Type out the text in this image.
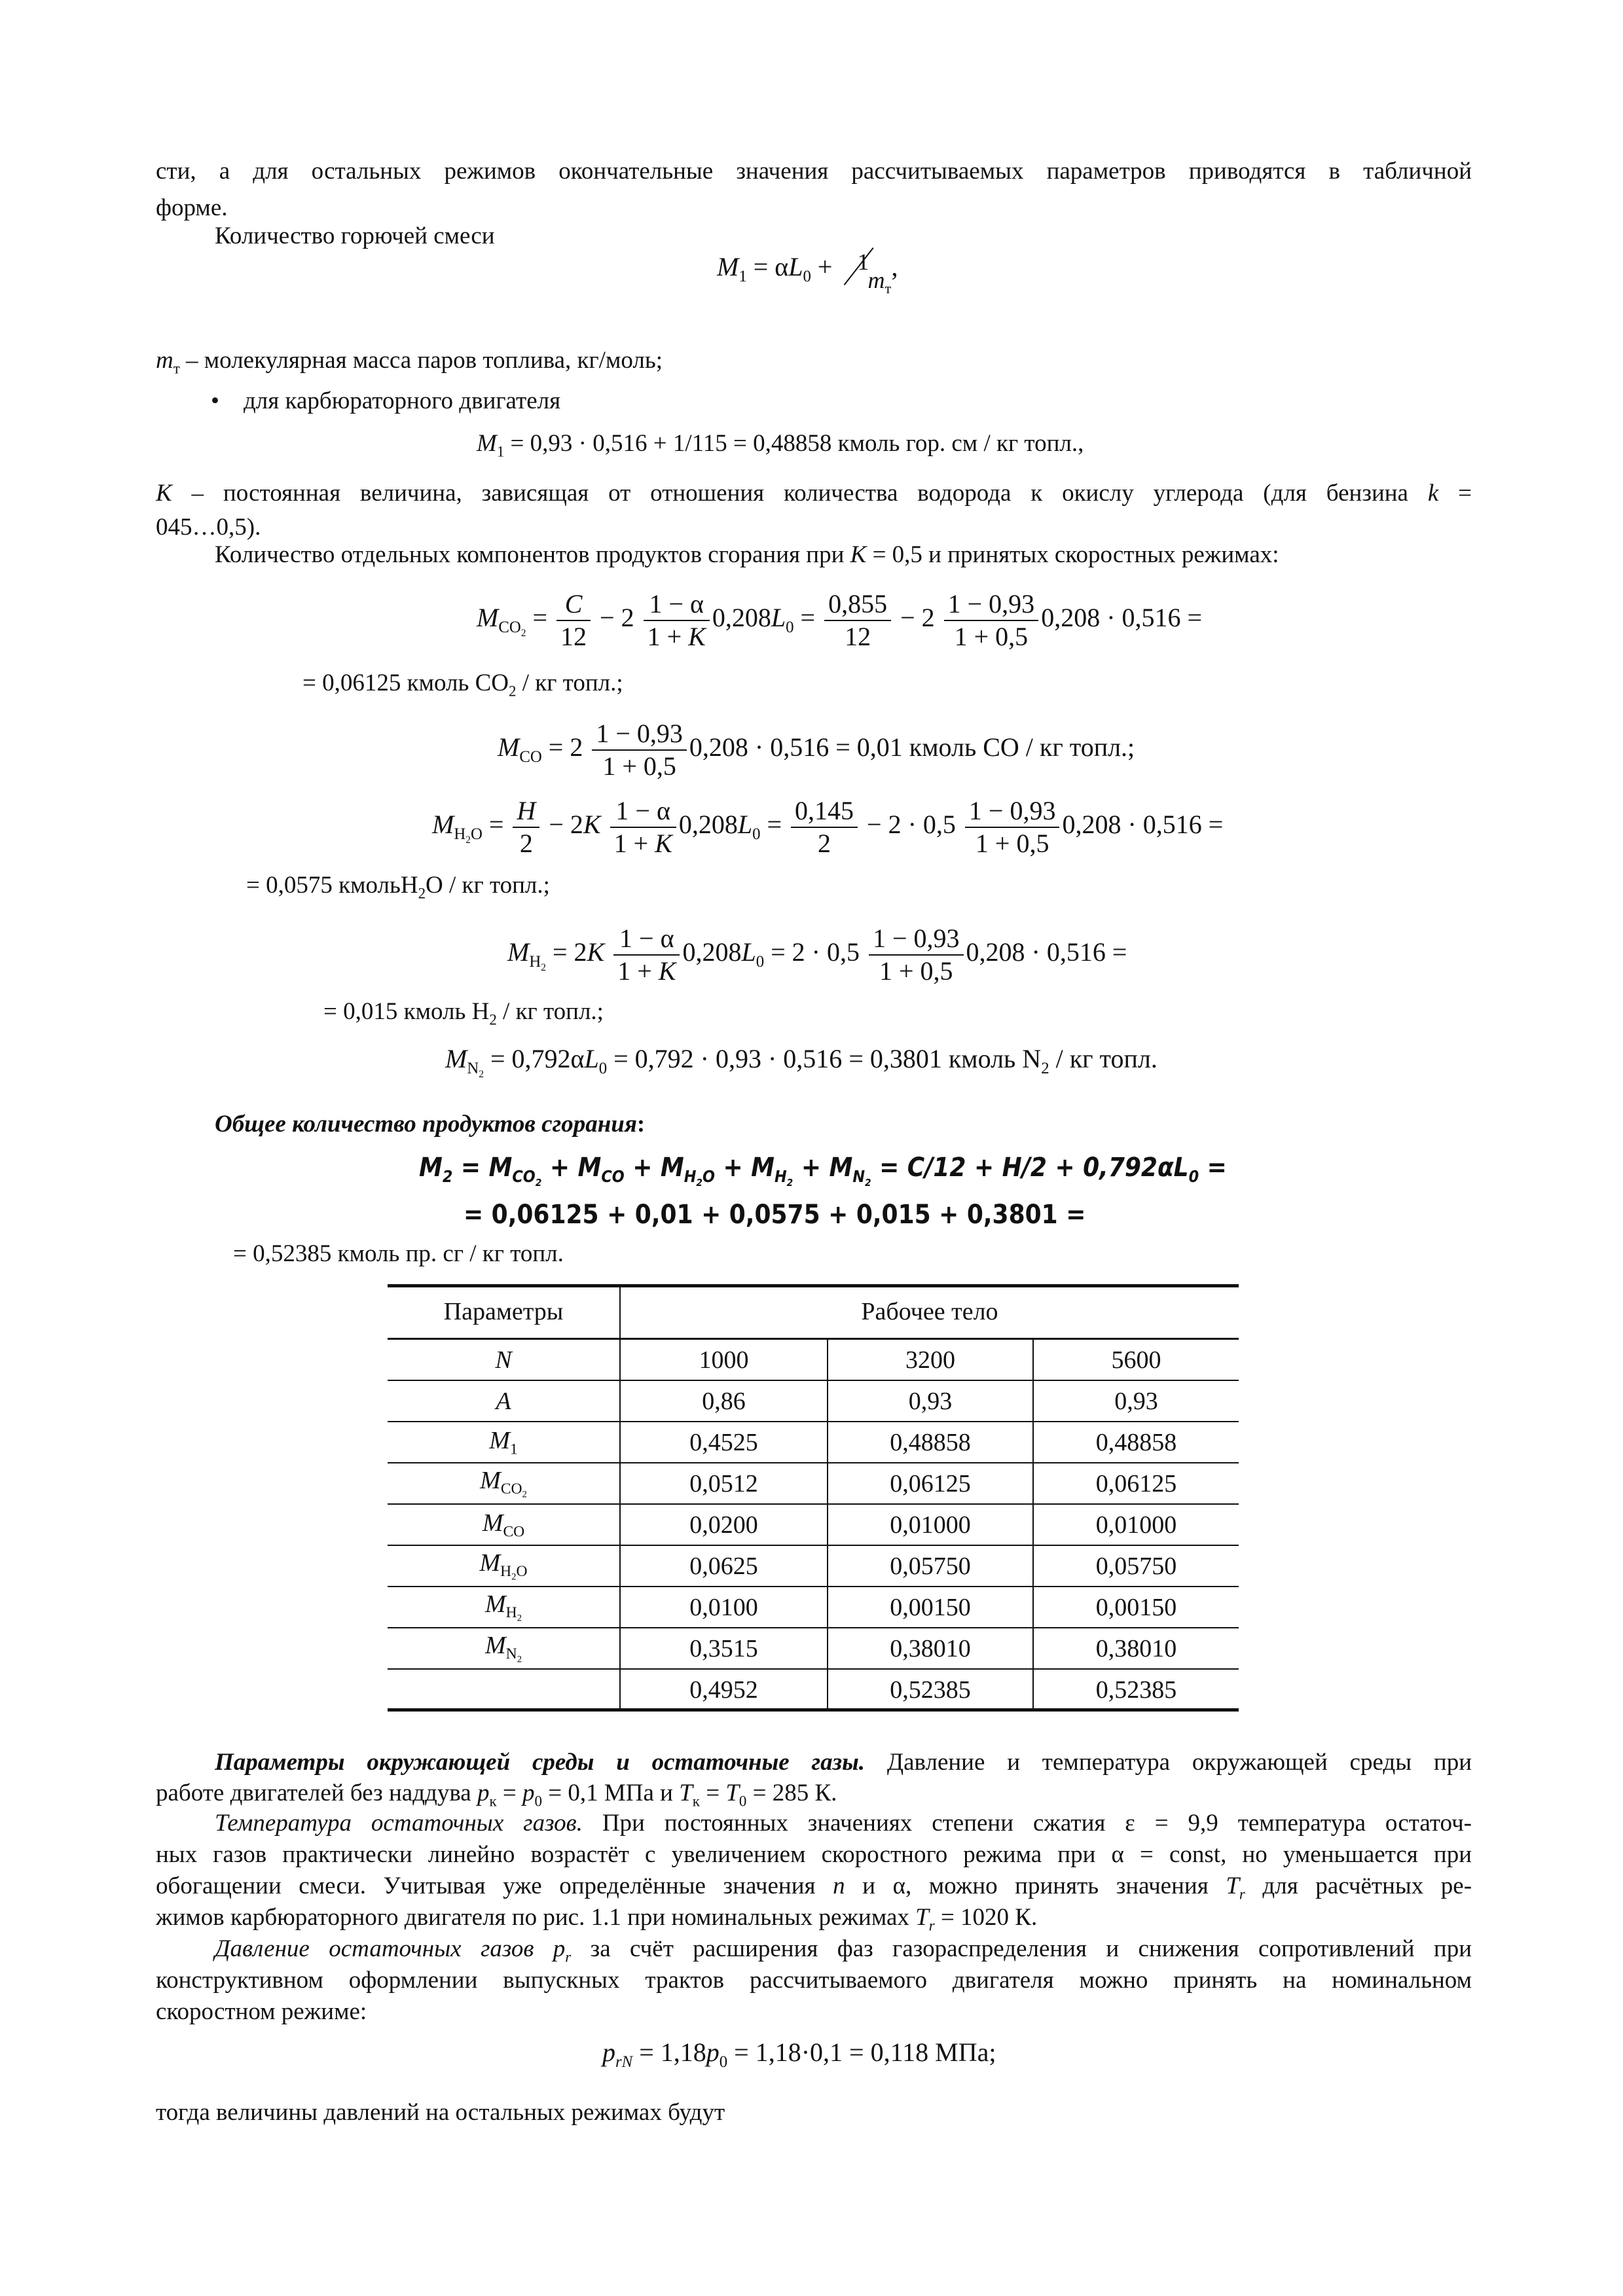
сти, а для остальных режимов окончательные значения рассчитываемых параметров приводятся в табличной
форме.
Количество горючей смеси
$M_1 = \alpha L_0 + 1$
$m_т$
,
$m_т$ – молекулярная масса паров топлива, кг/моль;
• для карбюраторного двигателя
$M_1 = 0,93 \cdot 0,516 + 1/115 = 0,48858$ кмоль гор. см / кг топл.,
K – постоянная величина, зависящая от отношения количества водорода к окислу углерода (для бензина k =
045…0,5).
Количество отдельных компонентов продуктов сгорания при K = 0,5 и принятых скоростных режимах:
$M_{CO_2} = \frac{C}{12} - 2 \frac{1 - \alpha}{1 + K} 0,208L_0 = \frac{0,855}{12} - 2 \frac{1 - 0,93}{1 + 0,5} 0,208 \cdot 0,516$ =
= 0,06125 кмоль $CO_2$ / кг топл.;
$M_{CO} = 2 \frac{1 - 0,93}{1 + 0,5} 0,208 \cdot 0,516 = 0,01$ кмоль CO / кг топл.;
$M_{H_2O} = \frac{H}{2} - 2K \frac{1 - \alpha}{1 + K} 0,208L_0 = \frac{0,145}{2} - 2 \cdot 0,5 \frac{1 - 0,93}{1 + 0,5} 0,208 \cdot 0,516$ =
= 0,0575 кмольH$_2$O / кг топл.;
$M_{H_2} = 2K \frac{1 - \alpha}{1 + K} 0,208L_0 = 2 \cdot 0,5 \frac{1 - 0,93}{1 + 0,5} 0,208 \cdot 0,516$ =
= 0,015 кмоль $H_2$ / кг топл.;
$M_{N_2} = 0,792\alpha L_0 = 0,792 \cdot 0,93 \cdot 0,516 = 0,3801$ кмоль $N_2$ / кг топл.
Общее количество продуктов сгорания:
$M_2 = M_{CO_2} + M_{CO} + M_{H_2O} + M_{H_2} + M_{N_2} = C/12 + H/2 + 0,792\alpha L_0$ =
= 0,06125 + 0,01 + 0,0575 + 0,015 + 0,3801 =
= 0,52385 кмоль пр. сг / кг топл.
Параметры	Рабочее тело		
N	1000	3200	5600
A	0,86	0,93	0,93
$M_1$	0,4525	0,48858	0,48858
$M_{CO_2}$	0,0512	0,06125	0,06125
$M_{CO}$	0,0200	0,01000	0,01000
$M_{H_2O}$	0,0625	0,05750	0,05750
$M_{H_2}$	0,0100	0,00150	0,00150
$M_{N_2}$	0,3515	0,38010	0,38010
	0,4952	0,52385	0,52385
Параметры окружающей среды и остаточные газы. Давление и температура окружающей среды при
работе двигателей без наддува $p_к = p_0 = 0,1$ МПа и $T_к = T_0 = 285$ К.
Температура остаточных газов. При постоянных значениях степени сжатия ε = 9,9 температура остаточ-
ных газов практически линейно возрастёт с увеличением скоростного режима при α = const, но уменьшается при
обогащении смеси. Учитывая уже определённые значения n и α, можно принять значения $T_r$ для расчётных ре-
жимов карбюраторного двигателя по рис. 1.1 при номинальных режимах $T_r = 1020$ К.
Давление остаточных газов $p_r$ за счёт расширения фаз газораспределения и снижения сопротивлений при
конструктивном оформлении выпускных трактов рассчитываемого двигателя можно принять на номинальном
скоростном режиме:
$p_{rN} = 1,18p_0 = 1,18\cdot 0,1 = 0,118$ МПа;
тогда величины давлений на остальных режимах будут
